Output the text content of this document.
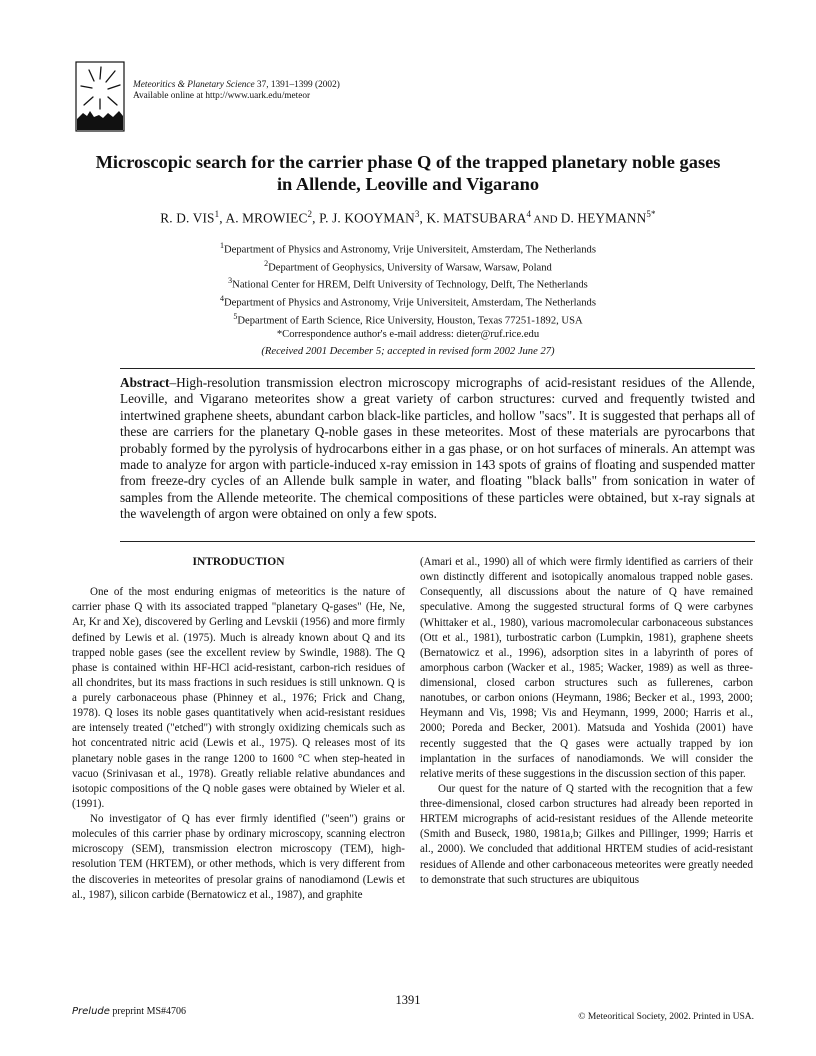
Meteoritics & Planetary Science 37, 1391–1399 (2002)
Available online at http://www.uark.edu/meteor
Microscopic search for the carrier phase Q of the trapped planetary noble gases
in Allende, Leoville and Vigarano
R. D. VIS$^1$, A. MROWIEC$^2$, P. J. KOOYMAN$^3$, K. MATSUBARA$^4$ AND D. $HEYMANN^{5*}$
$^1$Department of Physics and Astronomy, Vrije Universiteit, Amsterdam, The Netherlands
$^2$Department of Geophysics, University of Warsaw, Warsaw, Poland
$^3$National Center for HREM, Delft University of Technology, Delft, The Netherlands
$^4$Department of Physics and Astronomy, Vrije Universiteit, Amsterdam, The Netherlands
$^5$Department of Earth Science, Rice University, Houston, Texas 77251-1892, USA
*Correspondence author's e-mail address: dieter@ruf.rice.edu
(Received 2001 December 5; accepted in revised form 2002 June 27)
Abstract–High-resolution transmission electron microscopy micrographs of acid-resistant residues of the Allende, Leoville, and Vigarano meteorites show a great variety of carbon structures: curved and frequently twisted and intertwined graphene sheets, abundant carbon black-like particles, and hollow "sacs". It is suggested that perhaps all of these are carriers for the planetary Q-noble gases in these meteorites. Most of these materials are pyrocarbons that probably formed by the pyrolysis of hydrocarbons either in a gas phase, or on hot surfaces of minerals. An attempt was made to analyze for argon with particle-induced x-ray emission in 143 spots of grains of floating and suspended matter from freeze-dry cycles of an Allende bulk sample in water, and floating "black balls" from sonication in water of samples from the Allende meteorite. The chemical compositions of these particles were obtained, but x-ray signals at the wavelength of argon were obtained on only a few spots.
INTRODUCTION

One of the most enduring enigmas of meteoritics is the nature of carrier phase Q with its associated trapped "planetary Q-gases" (He, Ne, Ar, Kr and Xe), discovered by Gerling and Levskii (1956) and more firmly defined by Lewis et al. (1975). Much is already known about Q and its trapped noble gases (see the excellent review by Swindle, 1988). The Q phase is contained within HF-HCl acid-resistant, carbon-rich residues of all chondrites, but its mass fractions in such residues is still unknown. Q is a purely carbonaceous phase (Phinney et al., 1976; Frick and Chang, 1978). Q loses its noble gases quantitatively when acid-resistant residues are intensely treated ("etched") with strongly oxidizing chemicals such as hot concentrated nitric acid (Lewis et al., 1975). Q releases most of its planetary noble gases in the range 1200 to 1600 °C when step-heated in vacuo (Srinivasan et al., 1978). Greatly reliable relative abundances and isotopic compositions of the Q noble gases were obtained by Wieler et al. (1991).

No investigator of Q has ever firmly identified ("seen") grains or molecules of this carrier phase by ordinary microscopy, scanning electron microscopy (SEM), transmission electron microscopy (TEM), high-resolution TEM (HRTEM), or other methods, which is very different from the discoveries in meteorites of presolar grains of nanodiamond (Lewis et al., 1987), silicon carbide (Bernatowicz et al., 1987), and graphite

(Amari et al., 1990) all of which were firmly identified as carriers of their own distinctly different and isotopically anomalous trapped noble gases. Consequently, all discussions about the nature of Q have remained speculative. Among the suggested structural forms of Q were carbynes (Whittaker et al., 1980), various macromolecular carbonaceous substances (Ott et al., 1981), turbostratic carbon (Lumpkin, 1981), graphene sheets (Bernatowicz et al., 1996), adsorption sites in a labyrinth of pores of amorphous carbon (Wacker et al., 1985; Wacker, 1989) as well as three-dimensional, closed carbon structures such as fullerenes, carbon nanotubes, or carbon onions (Heymann, 1986; Becker et al., 1993, 2000; Heymann and Vis, 1998; Vis and Heymann, 1999, 2000; Harris et al., 2000; Poreda and Becker, 2001). Matsuda and Yoshida (2001) have recently suggested that the Q gases were actually trapped by ion implantation in the surfaces of nanodiamonds. We will consider the relative merits of these suggestions in the discussion section of this paper.

Our quest for the nature of Q started with the recognition that a few three-dimensional, closed carbon structures had already been reported in HRTEM micrographs of acid-resistant residues of the Allende meteorite (Smith and Buseck, 1980, 1981a,b; Gilkes and Pillinger, 1999; Harris et al., 2000). We concluded that additional HRTEM studies of acid-resistant residues of Allende and other carbonaceous meteorites were greatly needed to demonstrate that such structures are ubiquitous

1391
Prelude preprint MS#4706	© Meteoritical Society, 2002. Printed in USA.
